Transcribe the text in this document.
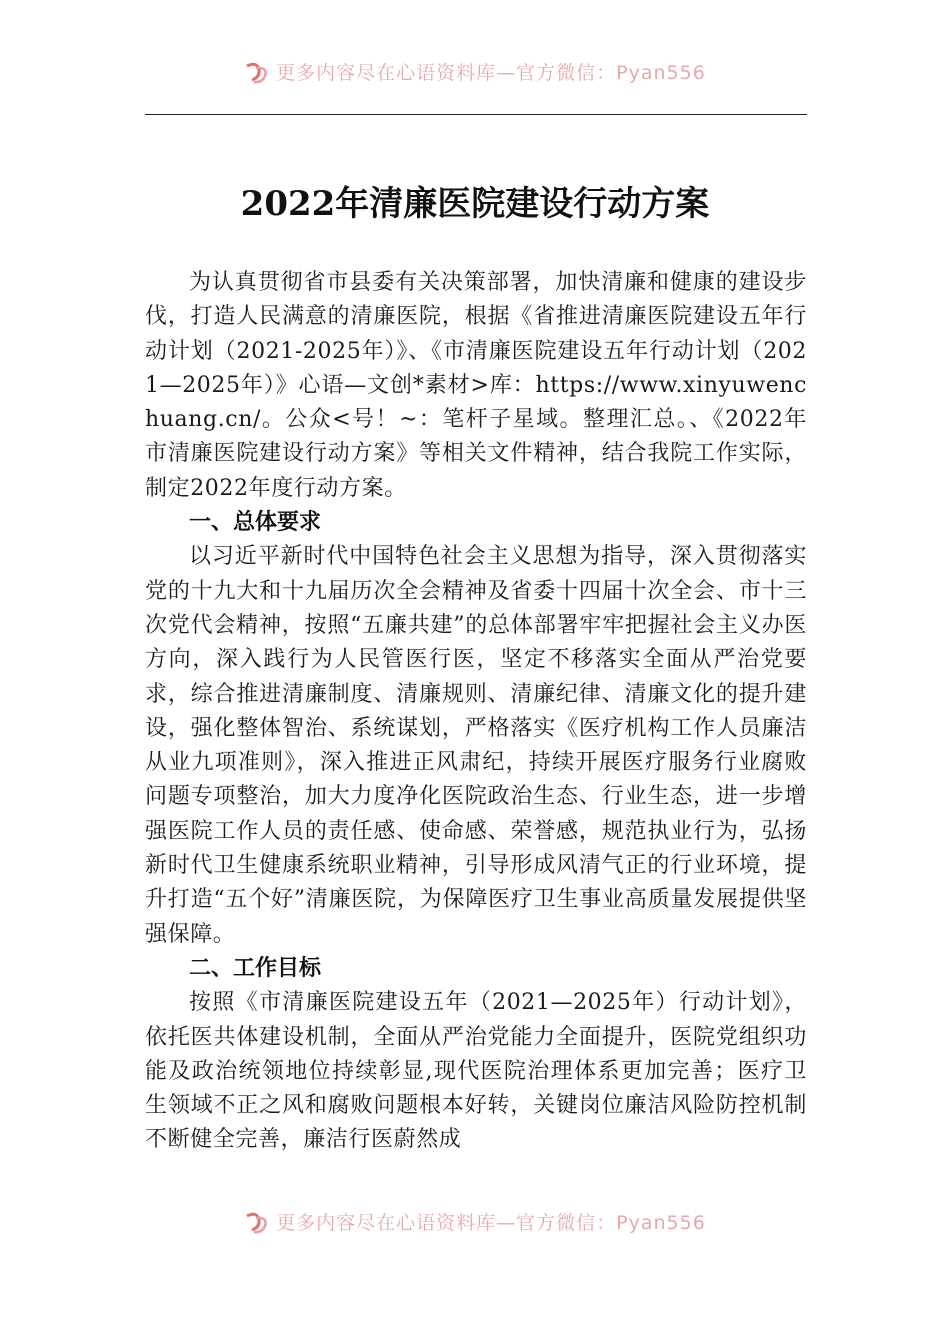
更多内容尽在心语资料库—官方微信：Pyan556
2022年清廉医院建设行动方案

为认真贯彻省市县委有关决策部署，加快清廉和健康的建设步伐，打造人民满意的清廉医院，根据《省推进清廉医院建设五年行动计划（2021-2025年）》、《市清廉医院建设五年行动计划（2021—2025年）》心语—文创*素材>库：https://www.xinyuwenchuang.cn/。公众<号！~：笔杆子星域。整理汇总。、《2022年市清廉医院建设行动方案》等相关文件精神，结合我院工作实际，制定2022年度行动方案。

一、总体要求

以习近平新时代中国特色社会主义思想为指导，深入贯彻落实党的十九大和十九届历次全会精神及省委十四届十次全会、市十三次党代会精神，按照“五廉共建”的总体部署牢牢把握社会主义办医方向，深入践行为人民管医行医，坚定不移落实全面从严治党要求，综合推进清廉制度、清廉规则、清廉纪律、清廉文化的提升建设，强化整体智治、系统谋划，严格落实《医疗机构工作人员廉洁从业九项准则》，深入推进正风肃纪，持续开展医疗服务行业腐败问题专项整治，加大力度净化医院政治生态、行业生态，进一步增强医院工作人员的责任感、使命感、荣誉感，规范执业行为，弘扬新时代卫生健康系统职业精神，引导形成风清气正的行业环境，提升打造“五个好”清廉医院，为保障医疗卫生事业高质量发展提供坚强保障。

二、工作目标

按照《市清廉医院建设五年（2021—2025年）行动计划》，依托医共体建设机制，全面从严治党能力全面提升，医院党组织功能及政治统领地位持续彰显,现代医院治理体系更加完善；医疗卫生领域不正之风和腐败问题根本好转，关键岗位廉洁风险防控机制不断健全完善，廉洁行医蔚然成

更多内容尽在心语资料库—官方微信：Pyan556
